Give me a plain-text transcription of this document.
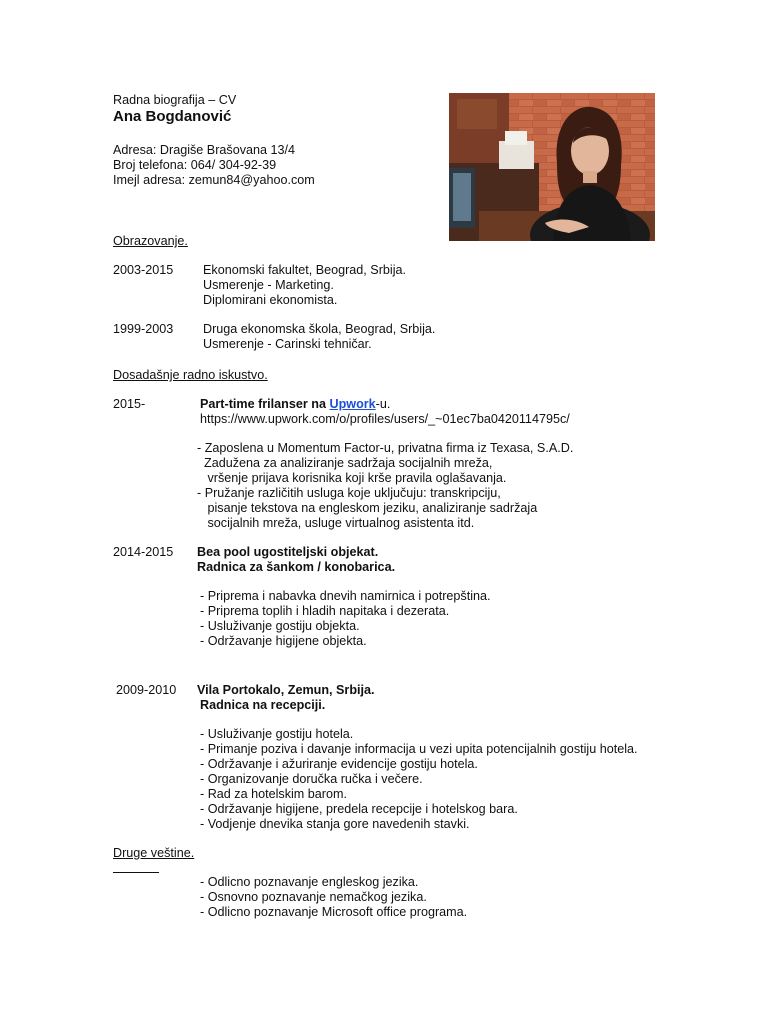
Radna biografija – CV
Ana Bogdanović
Adresa: Dragiše Brašovana 13/4
Broj telefona: 064/ 304-92-39
Imejl adresa: zemun84@yahoo.com
Obrazovanje.
2003-2015 Ekonomski fakultet, Beograd, Srbija.
Usmerenje - Marketing.
Diplomirani ekonomista.
1999-2003 Druga ekonomska škola, Beograd, Srbija.
Usmerenje - Carinski tehničar.
Dosadašnje radno iskustvo.
2015-	Part-time frilanser na Upwork-u.
https://www.upwork.com/o/profiles/users/_~01ec7ba0420114795c/
- Zaposlena u Momentum Factor-u, privatna firma iz Texasa, S.A.D.
Zadužena za analiziranje sadržaja socijalnih mreža,
vršenje prijava korisnika koji krše pravila oglašavanja.
- Pružanje različitih usluga koje uključuju: transkripciju,
pisanje tekstova na engleskom jeziku, analiziranje sadržaja
socijalnih mreža, usluge virtualnog asistenta itd.
2014-2015 Bea pool ugostiteljski objekat.
Radnica za šankom / konobarica.
- Priprema i nabavka dnevih namirnica i potrepština.
- Priprema toplih i hladih napitaka i dezerata.
- Usluživanje gostiju objekta.
- Održavanje higijene objekta.
2009-2010 Vila Portokalo, Zemun, Srbija.
Radnica na recepciji.
- Usluživanje gostiju hotela.
- Primanje poziva i davanje informacija u vezi upita potencijalnih gostiju hotela.
- Održavanje i ažuriranje evidencije gostiju hotela.
- Organizovanje doručka ručka i večere.
- Rad za hotelskim barom.
- Održavanje higijene, predela recepcije i hotelskog bara.
- Vodjenje dnevika stanja gore navedenih stavki.
Druge veštine.
- Odlicno poznavanje engleskog jezika.
- Osnovno poznavanje nemačkog jezika.
- Odlicno poznavanje Microsoft office programa.
